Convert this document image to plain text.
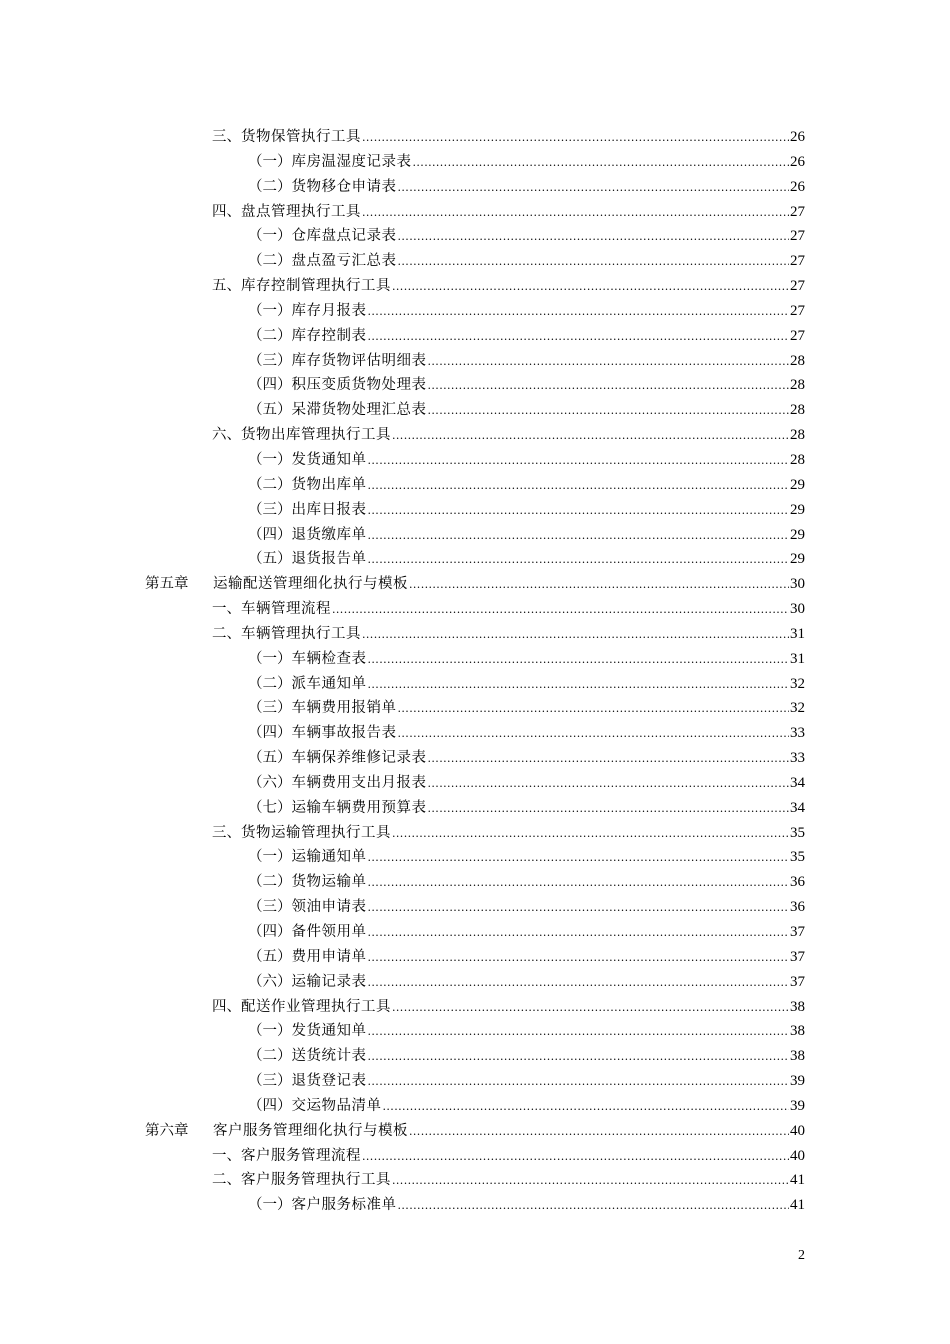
三、 货物保管执行工具 .....	26
（一） 库房温湿度记录表 .....	26
（二） 货物移仓申请表 .....	26
四、 盘点管理执行工具 .....	27
（一） 仓库盘点记录表 .....	27
（二） 盘点盈亏汇总表 .....	27
五、 库存控制管理执行工具 .....	27
（一） 库存月报表 .....	27
（二） 库存控制表 .....	27
（三） 库存货物评估明细表 .....	28
（四） 积压变质货物处理表 .....	28
（五） 呆滞货物处理汇总表 .....	28
六、 货物出库管理执行工具 .....	28
（一） 发货通知单 .....	28
（二） 货物出库单 .....	29
（三） 出库日报表 .....	29
（四） 退货缴库单 .....	29
（五） 退货报告单 .....	29
第五章	运输配送管理细化执行与模板 .....	30
一、 车辆管理流程 .....	30
二、 车辆管理执行工具 .....	31
（一） 车辆检查表 .....	31
（二） 派车通知单 .....	32
（三） 车辆费用报销单 .....	32
（四） 车辆事故报告表 .....	33
（五） 车辆保养维修记录表 .....	33
（六） 车辆费用支出月报表 .....	34
（七） 运输车辆费用预算表 .....	34
三、 货物运输管理执行工具 .....	35
（一） 运输通知单 .....	35
（二） 货物运输单 .....	36
（三） 领油申请表 .....	36
（四） 备件领用单 .....	37
（五） 费用申请单 .....	37
（六） 运输记录表 .....	37
四、 配送作业管理执行工具 .....	38
（一） 发货通知单 .....	38
（二） 送货统计表 .....	38
（三） 退货登记表 .....	39
（四） 交运物品清单 .....	39
第六章	客户服务管理细化执行与模板 .....	40
一、 客户服务管理流程 .....	40
二、 客户服务管理执行工具 .....	41
（一） 客户服务标准单 .....	41
2
